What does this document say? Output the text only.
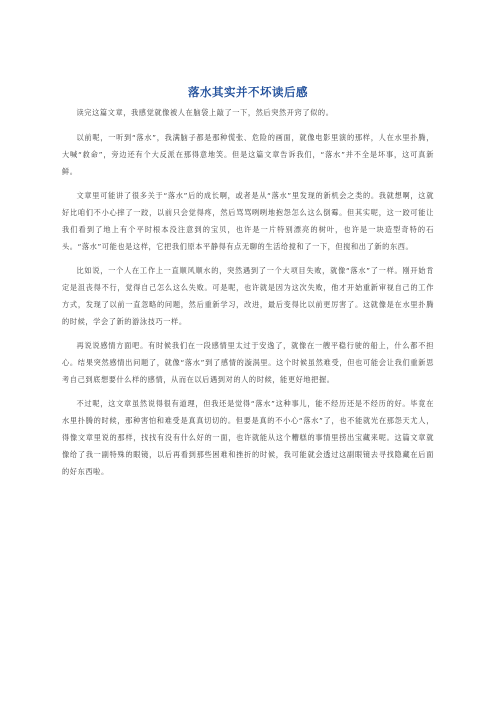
落水其实并不坏读后感

读完这篇文章，我感觉就像被人在脑袋上敲了一下，然后突然开窍了似的。

以前呢，一听到“落水”，我满脑子都是那种慌张、危险的画面，就像电影里演的那样，人在水里扑腾，大喊“救命”，旁边还有个大反派在那得意地笑。但是这篇文章告诉我们，“落水”并不全是坏事，这可真新鲜。

文章里可能讲了很多关于“落水”后的成长啊，或者是从“落水”里发现的新机会之类的。我就想啊，这就好比咱们不小心摔了一跤，以前只会觉得疼，然后骂骂咧咧地抱怨怎么这么倒霉。但其实呢，这一跤可能让我们看到了地上有个平时根本没注意到的宝贝，也许是一片特别漂亮的树叶，也许是一块造型奇特的石头。“落水”可能也是这样，它把我们原本平静得有点无聊的生活给搅和了一下，但搅和出了新的东西。

比如说，一个人在工作上一直顺风顺水的，突然遇到了一个大项目失败，就像“落水”了一样。刚开始肯定是沮丧得不行，觉得自己怎么这么失败。可是呢，也许就是因为这次失败，他才开始重新审视自己的工作方式，发现了以前一直忽略的问题，然后重新学习，改进，最后变得比以前更厉害了。这就像是在水里扑腾的时候，学会了新的游泳技巧一样。

再说说感情方面吧。有时候我们在一段感情里太过于安逸了，就像在一艘平稳行驶的船上，什么都不担心。结果突然感情出问题了，就像“落水”到了感情的漩涡里。这个时候虽然难受，但也可能会让我们重新思考自己到底想要什么样的感情，从而在以后遇到对的人的时候，能更好地把握。

不过呢，这文章虽然说得很有道理，但我还是觉得“落水”这种事儿，能不经历还是不经历的好。毕竟在水里扑腾的时候，那种害怕和难受是真真切切的。但要是真的不小心“落水”了，也不能就光在那怨天尤人，得像文章里说的那样，找找有没有什么好的一面，也许就能从这个糟糕的事情里捞出宝藏来呢。这篇文章就像给了我一副特殊的眼镜，以后再看到那些困难和挫折的时候，我可能就会透过这副眼镜去寻找隐藏在后面的好东西啦。
